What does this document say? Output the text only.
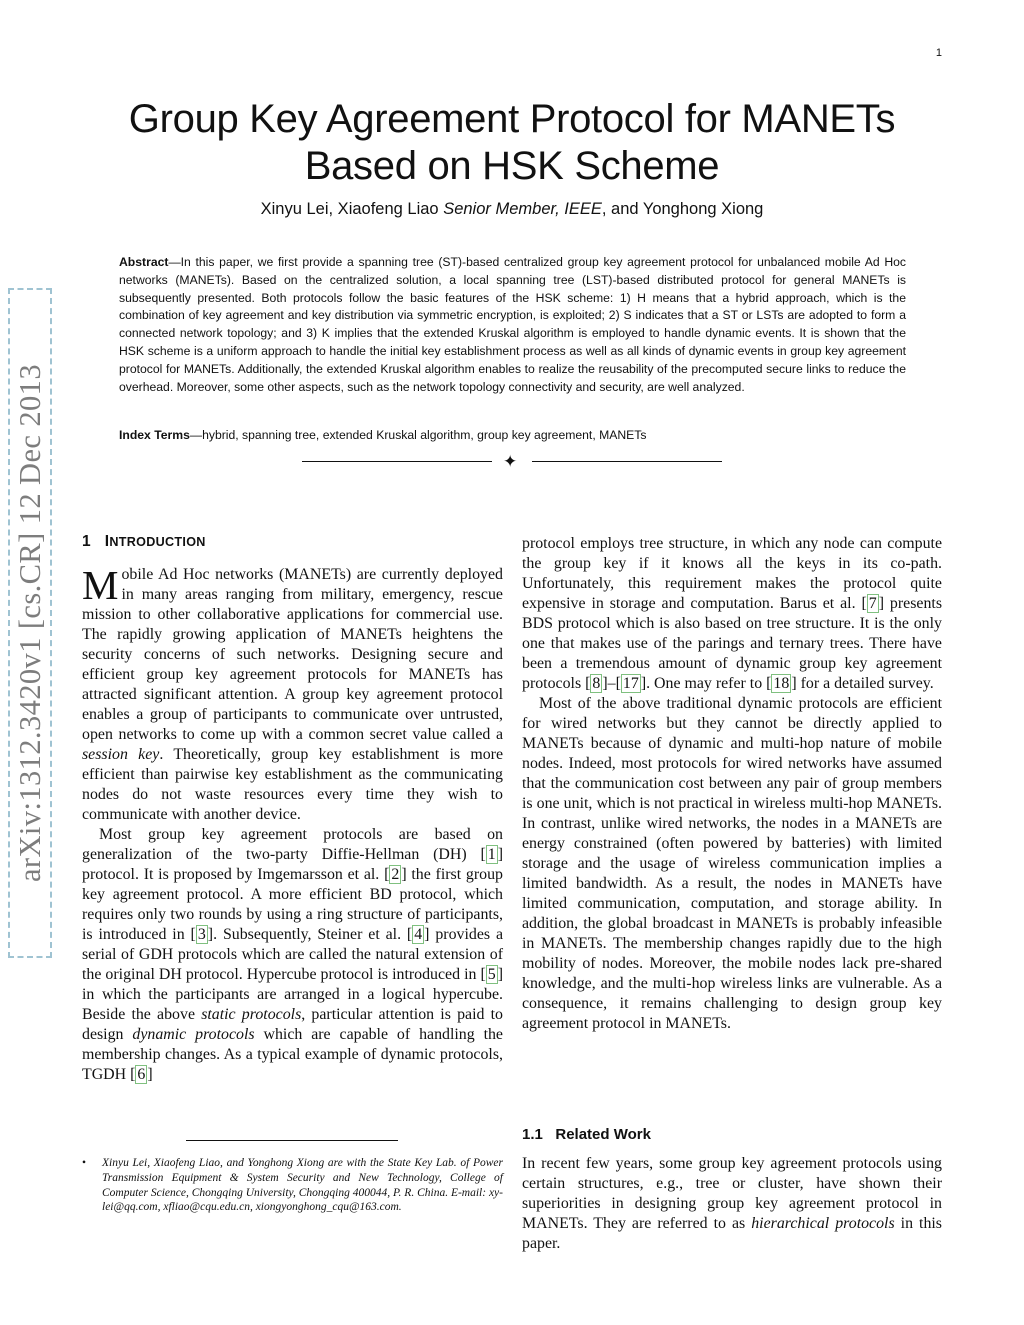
1
Group Key Agreement Protocol for MANETs
Based on HSK Scheme
Xinyu Lei, Xiaofeng Liao Senior Member, IEEE, and Yonghong Xiong

Abstract—In this paper, we first provide a spanning tree (ST)-based centralized group key agreement protocol for unbalanced mobile Ad Hoc networks (MANETs). Based on the centralized solution, a local spanning tree (LST)-based distributed protocol for general MANETs is subsequently presented. Both protocols follow the basic features of the HSK scheme: 1) H means that a hybrid approach, which is the combination of key agreement and key distribution via symmetric encryption, is exploited; 2) S indicates that a ST or LSTs are adopted to form a connected network topology; and 3) K implies that the extended Kruskal algorithm is employed to handle dynamic events. It is shown that the HSK scheme is a uniform approach to handle the initial key establishment process as well as all kinds of dynamic events in group key agreement protocol for MANETs. Additionally, the extended Kruskal algorithm enables to realize the reusability of the precomputed secure links to reduce the overhead. Moreover, some other aspects, such as the network topology connectivity and security, are well analyzed.

Index Terms—hybrid, spanning tree, extended Kruskal algorithm, group key agreement, MANETs

✦
arXiv:1312.3420v1 [cs.CR] 12 Dec 2013	1 INTRODUCTION

Mobile Ad Hoc networks (MANETs) are currently deployed in many areas ranging from military, emergency, rescue mission to other collaborative applications for commercial use. The rapidly growing application of MANETs heightens the security concerns of such networks. Designing secure and efficient group key agreement protocols for MANETs has attracted significant attention. A group key agreement protocol enables a group of participants to communicate over untrusted, open networks to come up with a common secret value called a session key. Theoretically, group key establishment is more efficient than pairwise key establishment as the communicating nodes do not waste resources every time they wish to communicate with another device.

Most group key agreement protocols are based on generalization of the two-party Diffie-Hellman (DH) [ 1 ] protocol. It is proposed by Imgemarsson et al. [ 2 ] the first group key agreement protocol. A more efficient BD protocol, which requires only two rounds by using a ring structure of participants, is introduced in [ 3 ]. Subsequently, Steiner et al. [ 4 ] provides a serial of GDH protocols which are called the natural extension of the original DH protocol. Hypercube protocol is introduced in [ 5 ] in which the participants are arranged in a logical hypercube. Beside the above static protocols, particular attention is paid to design dynamic protocols which are capable of handling the membership changes. As a typical example of dynamic protocols, TGDH [ 6 ]

• Xinyu Lei, Xiaofeng Liao, and Yonghong Xiong are with the State Key Lab. of Power Transmission Equipment & System Security and New Technology, College of Computer Science, Chongqing University, Chongqing 400044, P. R. China. E-mail: xy-lei@qq.com, xfliao@cqu.edu.cn, xiongyonghong_cqu@163.com.

protocol employs tree structure, in which any node can compute the group key if it knows all the keys in its co-path. Unfortunately, this requirement makes the protocol quite expensive in storage and computation. Barus et al. [ 7 ] presents BDS protocol which is also based on tree structure. It is the only one that makes use of the parings and ternary trees. There have been a tremendous amount of dynamic group key agreement protocols [ 8 ]–[ 17 ]. One may refer to [ 18 ] for a detailed survey.

Most of the above traditional dynamic protocols are efficient for wired networks but they cannot be directly applied to MANETs because of dynamic and multi-hop nature of mobile nodes. Indeed, most protocols for wired networks have assumed that the communication cost between any pair of group members is one unit, which is not practical in wireless multi-hop MANETs. In contrast, unlike wired networks, the nodes in a MANETs are energy constrained (often powered by batteries) with limited storage and the usage of wireless communication implies a limited bandwidth. As a result, the nodes in MANETs have limited communication, computation, and storage ability. In addition, the global broadcast in MANETs is probably infeasible in MANETs. The membership changes rapidly due to the high mobility of nodes. Moreover, the mobile nodes lack pre-shared knowledge, and the multi-hop wireless links are vulnerable. As a consequence, it remains challenging to design group key agreement protocol in MANETs.

1.1 Related Work

In recent few years, some group key agreement protocols using certain structures, e.g., tree or cluster, have shown their superiorities in designing group key agreement protocol in MANETs. They are referred to as hierarchical protocols in this paper.
